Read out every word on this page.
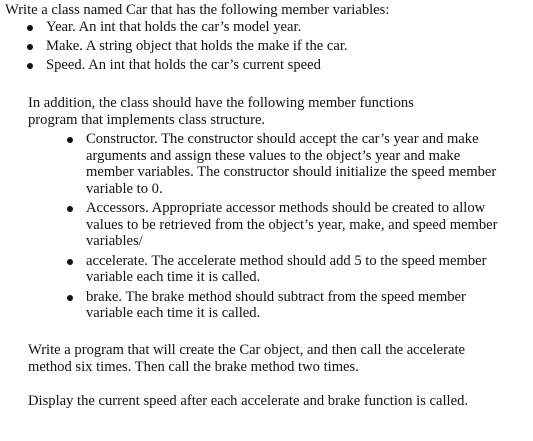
Write a class named Car that has the following member variables:

Year. An int that holds the car’s model year.
Make. A string object that holds the make if the car.
Speed. An int that holds the car’s current speed
In addition, the class should have the following member functions
program that implements class structure.
Constructor. The constructor should accept the car’s year and make
arguments and assign these values to the object’s year and make
member variables. The constructor should initialize the speed member
variable to 0.
Accessors. Appropriate accessor methods should be created to allow
values to be retrieved from the object’s year, make, and speed member
variables/
accelerate. The accelerate method should add 5 to the speed member
variable each time it is called.
brake. The brake method should subtract from the speed member
variable each time it is called.
Write a program that will create the Car object, and then call the accelerate
method six times. Then call the brake method two times.

Display the current speed after each accelerate and brake function is called.
